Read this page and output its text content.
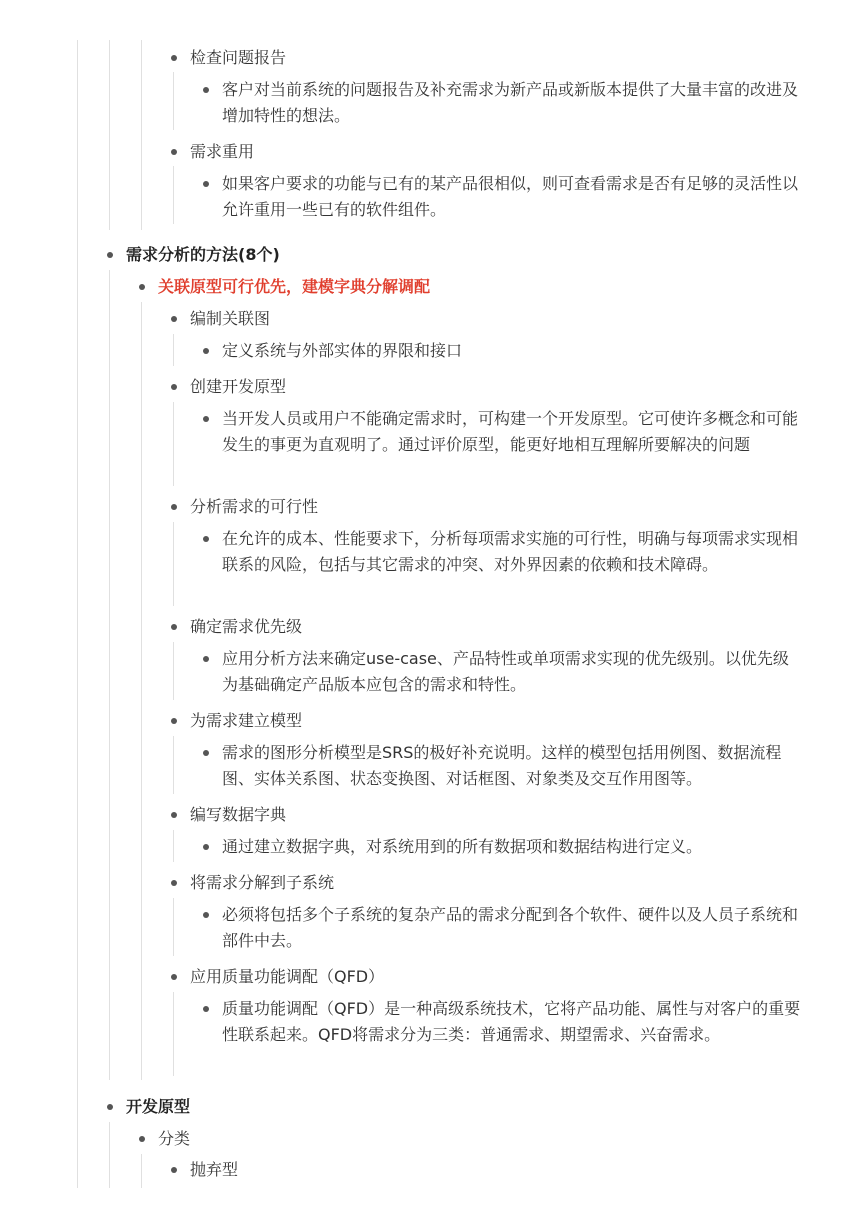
检查问题报告
客户对当前系统的问题报告及补充需求为新产品或新版本提供了大量丰富的改进及增加特性的想法。
需求重用
如果客户要求的功能与已有的某产品很相似，则可查看需求是否有足够的灵活性以允许重用一些已有的软件组件。
需求分析的方法(8个)
关联原型可行优先，建模字典分解调配
编制关联图
定义系统与外部实体的界限和接口
创建开发原型
当开发人员或用户不能确定需求时，可构建一个开发原型。它可使许多概念和可能发生的事更为直观明了。通过评价原型，能更好地相互理解所要解决的问题
分析需求的可行性
在允许的成本、性能要求下，分析每项需求实施的可行性，明确与每项需求实现相联系的风险，包括与其它需求的冲突、对外界因素的依赖和技术障碍。
确定需求优先级
应用分析方法来确定use-case、产品特性或单项需求实现的优先级别。以优先级为基础确定产品版本应包含的需求和特性。
为需求建立模型
需求的图形分析模型是SRS的极好补充说明。这样的模型包括用例图、数据流程图、实体关系图、状态变换图、对话框图、对象类及交互作用图等。
编写数据字典
通过建立数据字典，对系统用到的所有数据项和数据结构进行定义。
将需求分解到子系统
必须将包括多个子系统的复杂产品的需求分配到各个软件、硬件以及人员子系统和部件中去。
应用质量功能调配（QFD）
质量功能调配（QFD）是一种高级系统技术，它将产品功能、属性与对客户的重要性联系起来。QFD将需求分为三类：普通需求、期望需求、兴奋需求。
开发原型
分类
抛弃型
